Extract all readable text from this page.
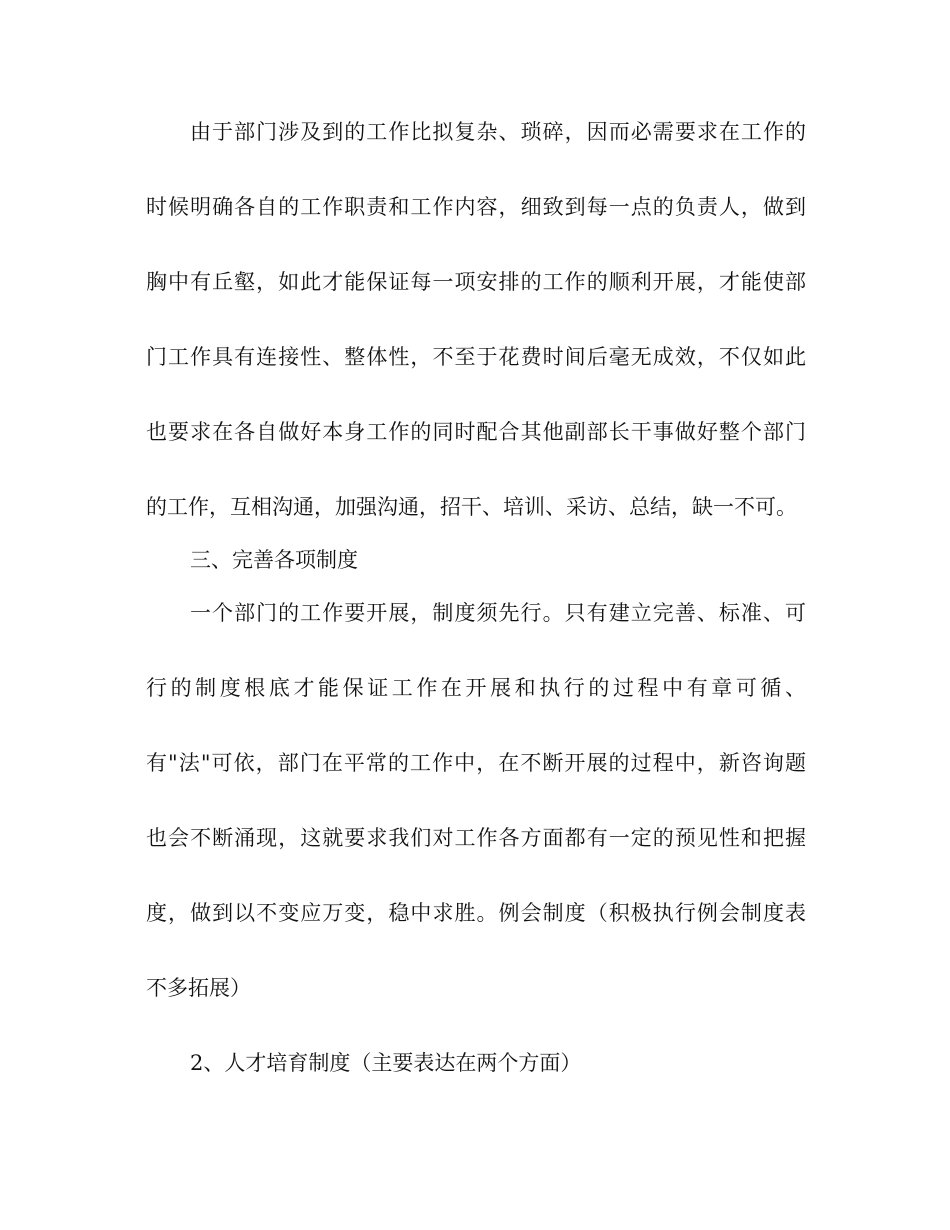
由于部门涉及到的工作比拟复杂、琐碎，因而必需要求在工作的

时候明确各自的工作职责和工作内容，细致到每一点的负责人，做到

胸中有丘壑，如此才能保证每一项安排的工作的顺利开展，才能使部

门工作具有连接性、整体性，不至于花费时间后毫无成效，不仅如此

也要求在各自做好本身工作的同时配合其他副部长干事做好整个部门

的工作，互相沟通，加强沟通，招干、培训、采访、总结，缺一不可。

三、完善各项制度

一个部门的工作要开展，制度须先行。只有建立完善、标准、可

行的制度根底才能保证工作在开展和执行的过程中有章可循、

有"法"可依，部门在平常的工作中，在不断开展的过程中，新咨询题

也会不断涌现，这就要求我们对工作各方面都有一定的预见性和把握

度，做到以不变应万变，稳中求胜。例会制度（积极执行例会制度表

不多拓展）

2、人才培育制度（主要表达在两个方面）
